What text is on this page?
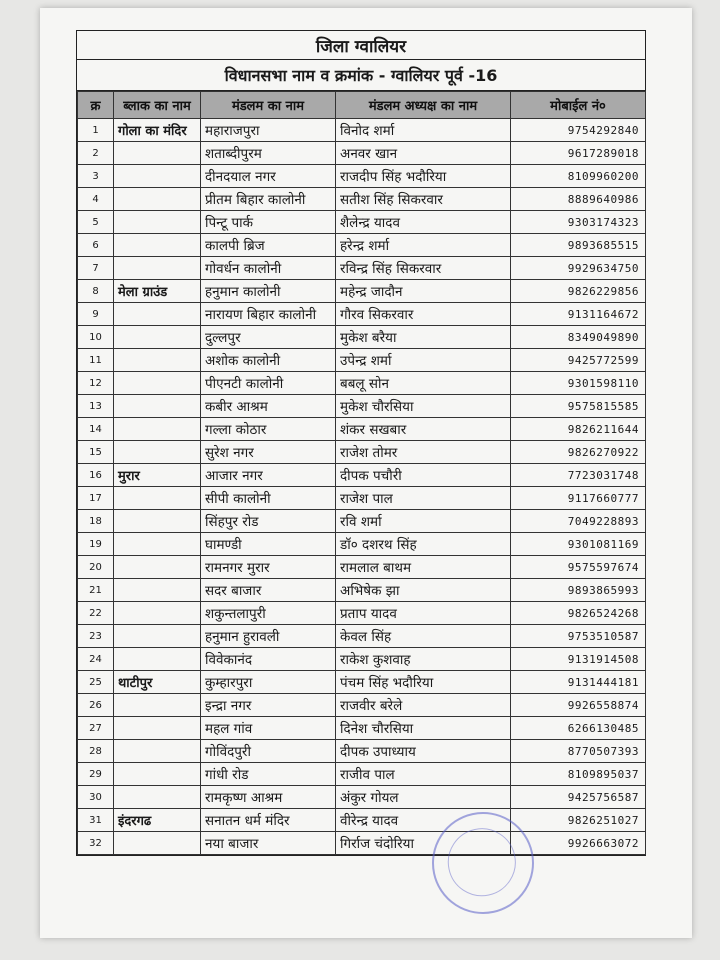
जिला ग्वालियर
विधानसभा नाम व क्रमांक - ग्वालियर पूर्व -16
क्र	ब्लाक का नाम	मंडलम का नाम	मंडलम अध्यक्ष का नाम	मोबाईल नं०
1	गोला का मंदिर	महाराजपुरा	विनोद शर्मा	9754292840
2		शताब्दीपुरम	अनवर खान	9617289018
3		दीनदयाल नगर	राजदीप सिंह भदौरिया	8109960200
4		प्रीतम बिहार कालोनी	सतीश सिंह सिकरवार	8889640986
5		पिन्टू पार्क	शैलेन्द्र यादव	9303174323
6		कालपी ब्रिज	हरेन्द्र शर्मा	9893685515
7		गोवर्धन कालोनी	रविन्द्र सिंह सिकरवार	9929634750
8	मेला ग्राउंड	हनुमान कालोनी	महेन्द्र जादौन	9826229856
9		नारायण बिहार कालोनी	गौरव सिकरवार	9131164672
10		दुल्लपुर	मुकेश बरैया	8349049890
11		अशोक कालोनी	उपेन्द्र शर्मा	9425772599
12		पीएनटी कालोनी	बबलू सोन	9301598110
13		कबीर आश्रम	मुकेश चौरसिया	9575815585
14		गल्ला कोठार	शंकर सखबार	9826211644
15		सुरेश नगर	राजेश तोमर	9826270922
16	मुरार	आजार नगर	दीपक पचौरी	7723031748
17		सीपी कालोनी	राजेश पाल	9117660777
18		सिंहपुर रोड	रवि शर्मा	7049228893
19		घामण्डी	डॉ० दशरथ सिंह	9301081169
20		रामनगर मुरार	रामलाल बाथम	9575597674
21		सदर बाजार	अभिषेक झा	9893865993
22		शकुन्तलापुरी	प्रताप यादव	9826524268
23		हनुमान हुरावली	केवल सिंह	9753510587
24		विवेकानंद	राकेश कुशवाह	9131914508
25	थाटीपुर	कुम्हारपुरा	पंचम सिंह भदौरिया	9131444181
26		इन्द्रा नगर	राजवीर बरेले	9926558874
27		महल गांव	दिनेश चौरसिया	6266130485
28		गोविंदपुरी	दीपक उपाध्याय	8770507393
29		गांधी रोड	राजीव पाल	8109895037
30		रामकृष्ण आश्रम	अंकुर गोयल	9425756587
31	इंदरगढ	सनातन धर्म मंदिर	वीरेन्द्र यादव	9826251027
32		नया बाजार	गिर्राज चंदोरिया	9926663072
